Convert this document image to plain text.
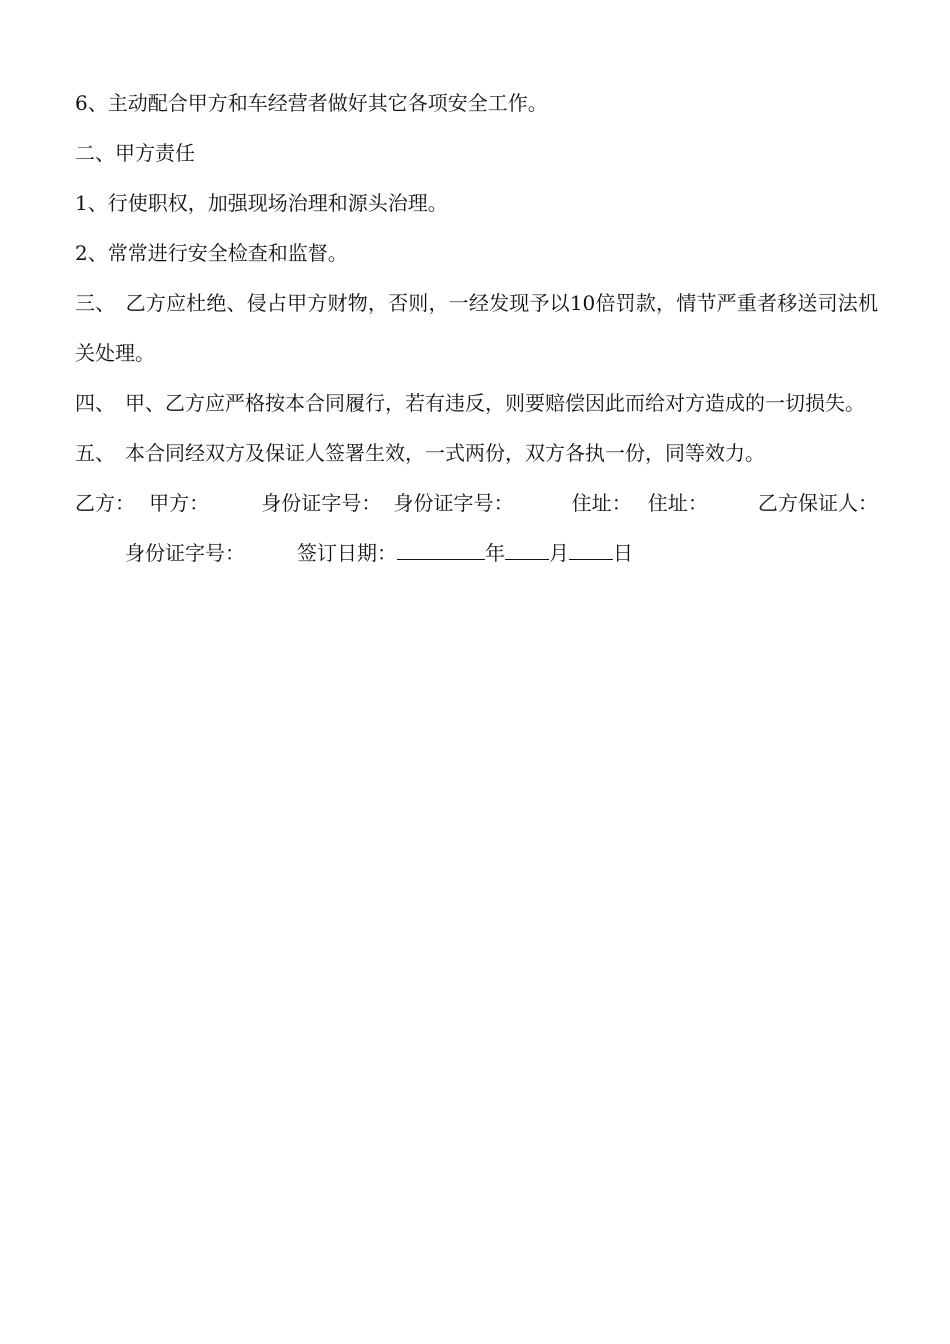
6、主动配合甲方和车经营者做好其它各项安全工作。

二、甲方责任

1、行使职权，加强现场治理和源头治理。

2、常常进行安全检查和监督。

三、　乙方应杜绝、侵占甲方财物，否则，一经发现予以10倍罚款，情节严重者移送司法机关处理。

四、　甲、乙方应严格按本合同履行，若有违反，则要赔偿因此而给对方造成的一切损失。

五、　本合同经双方及保证人签署生效，一式两份，双方各执一份，同等效力。

乙方： 甲方：	身份证字号： 身份证字号：	住址： 住址：	乙方保证人：身份证字号：	签订日期：	年 月 日
